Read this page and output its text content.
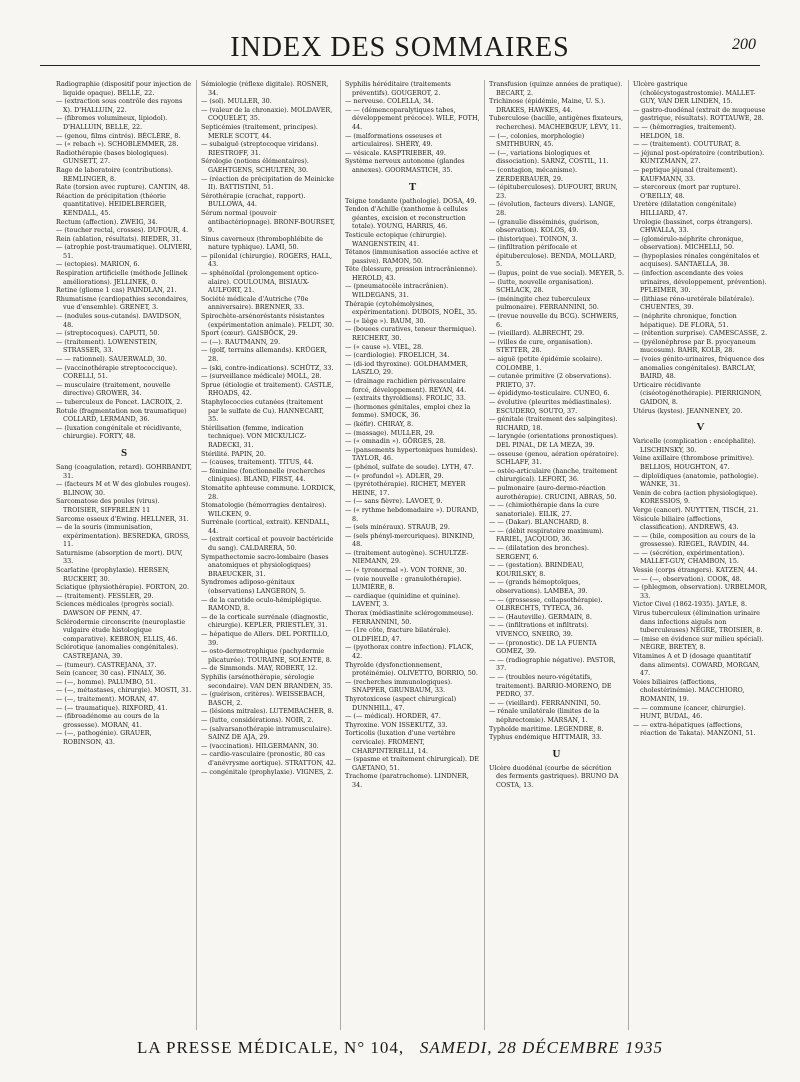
INDEX DES SOMMAIRES	200
Radiographie (dispositif pour injection de liquide opaque). BELLE, 22.
— (extraction sous contrôle des rayons X). D'HALLUIN, 22.
— (fibromes volumineux, lipiodol). D'HALLUIN, BELLE, 22.
— (genou, films cintrés). BÉCLÈRE, 8.
— (« rebach »). SCHOBLEMMER, 28.
Radiothérapie (bases biologiques). GUNSETT, 27.
Rage de laboratoire (contributions). REMLINGER, 8.
Rate (torsion avec rupture). CANTIN, 48.
Réaction de précipitation (théorie quantitative). HEIDELBERGER, KENDALL, 45.
Rectum (affection). ZWEIG, 34.
— (toucher rectal, crosses). DUFOUR, 4.
Rein (ablation, résultats). RIEDER, 31.
— (atrophie post-traumatique). OLIVIERI, 51.
— (ectopies). MARION, 6.
Respiration artificielle (méthode Jellinek améliorations). JELLINEK, 0.
Retine (gliome 1 cas) PAINDLAN, 21.
Rhumatisme (cardiopathies secondaires, vue d'ensemble). GRENET, 3.
— (nodules sous-cutanés). DAVIDSON, 48.
— (streptocoques). CAPUTI, 50.
— (traitement). LOWENSTEIN, STRASSER, 33.
— — rationnel). SAUERWALD, 30.
— (vaccinothérapie streptococcique). CORELLI, 51.
— musculaire (traitement, nouvelle directive) GROWER, 34.
— tuberculeux de Poncet. LACROIX, 2.
Rotule (fragmentation non traumatique) COLLARD, LERMAND, 36.
— (luxation congénitale et récidivante, chirurgie). FORTY, 48.
S
Sang (coagulation, retard). GOHRBANDT, 31.
— (facteurs M et W des globules rouges). BLINOW, 30.
Sarcomatose des poules (virus). TROISIER, SIFFRELEN 11
Sarcome osseux d'Ewing. HELLNER, 31.
— de la souris (immunisation, expérimentation). BESREDKA, GROSS, 11.
Saturnisme (absorption de mort). DUV, 33.
Scarlatine (prophylaxie). HERSEN, RUCKERT, 30.
Sciatique (physiothérapie). FORTON, 20.
— (traitement). FESSLER, 29.
Sciences médicales (progrès social). DAWSON OF PENN, 47.
Sclérodermie circonscrite (neuroplastie vulgaire étude histologique comparative). KEBRON, ELLIS, 46.
Sclérotique (anomalies congénitales). CASTREJANA, 39.
— (tumeur). CASTREJANA, 37.
Sein (cancer, 30 cas). FINALY, 36.
— (—, homme). PALUMBO, 51.
— (—, métastases, chirurgie). MOSTI, 31.
— (—, traitement). MORAN, 47.
— (— traumatique). RIXFORD, 41.
— (fibroadénome au cours de la grossesse). MORAN, 41.
— (—, pathogénie). GRAUER, ROBINSON, 43.
Sémiologie (réflexe digitale). ROSNER, 34.
— (sol). MULLER, 30.
— (valeur de la chronaxie). MOLDAVER, COQUELET, 35.
Septicémies (traitement, principes). MERLE SCOTT, 44.
— subaiguë (streptocoque viridans). RIESTROFF, 31.
Sérologie (notions élémentaires). GAEHTGENS, SCHULTEN, 30.
— (réaction de précipitation de Meinicke II). BATTISTINI, 51.
Sérothérapie (crachat, rapport). BULLOWA, 44.
Sérum normal (pouvoir antibactériopnage). BRONF-BOURSET, 9.
Sinus caverneux (thrombophlébite de nature typhique). LAMI, 50.
— pilonidal (chirurgie). ROGERS, HALL, 43.
— sphénoïdal (prolongement optico-alaire). COULOUMA, BISIAUX-AULFORT, 21.
Société médicale d'Autriche (70e anniversaire). BRENNER, 33.
Spirochète-arsénoréstants résistantes (expérimentation animale). FELDT, 30.
Sport (cœur). GAISBÖCK, 29.
— (—). RAUTMANN, 29.
— (golf, terrains allemands). KRÜGER, 28.
— (ski, contre-indications). SCHÜTZ, 33.
— (surveillance médicale) MOLL, 28.
Sprue (étiologie et traitement). CASTLE, RHOADS, 42.
Staphylococcies cutanées (traitement par le sulfate de Cu). HANNECART, 35.
Stérilisation (femme, indication technique). VON MICKULICZ-RADECKI, 31.
Stérilité. PAPIN, 20.
— (causes, traitement). TITUS, 44.
— féminine (fonctionnelle (recherches cliniques). BLAND, FIRST, 44.
Stomatite aphteuse commune. LORDICK, 28.
Stomatologie (hémorragies dentaires). WILCKEN, 9.
Surrénale (cortical, extrait). KENDALL, 44.
— (extrait cortical et pouvoir bactéricide du sang). CALDARERA, 50.
Sympathectomie sacro-lombaire (bases anatomiques et physiologiques) BRAEUCKER, 31.
Syndromes adiposo-génitaux (observations) LANGERON, 5.
— de la carotide oculo-hémiplégique. RAMOND, 8.
— de la corticale surrénale (diagnostic, chirurgie). KEPLER, PRIESTLEY, 31.
— hépatique de Allers. DEL PORTILLO, 39.
— osto-dermotrophique (pachydermie plicaturée). TOURAINE, SOLENTE, 8.
— de Simmonds. MAY, ROBERT, 12.
Syphilis (arsénothérapie, sérologie secondaire). VAN DEN BRANDEN, 35.
— (guérison, critères). WEISSEBACH, BASCH, 2.
— (lésions mitrales). LUTEMBACHER, 8.
— (lutte, considérations). NOIR, 2.
— (salvarsanothérapie intramusculaire). SAINZ DE AJA, 29.
— (vaccination). HILGERMANN, 30.
— cardio-vasculaire (pronostic, 80 cas d'anévrysme aortique). STRATTON, 42.
— congénitale (prophylaxie). VIGNES, 2.
Syphilis héréditaire (traitements préventifs). GOUGEROT, 2.
— nerveuse. COLELLA, 34.
— — (démencoparalytiques tabes, développement précoce). WILE, FOTH, 44.
— (malformations osseuses et articulaires). SHÉRY, 49.
— vésicale. KASPTRIEBER, 49.
Système nerveux autonome (glandes annexes). GOORMASTICH, 35.
T
Teigne tondante (pathologie). DOSA, 49.
Tendon d'Achille (xanthome à cellules géantes, excision et reconstruction totale). YOUNG, HARRIS, 46.
Testicule ectopique (chirurgie). WANGENSTEIN, 41.
Tétanos (immunisation associée active et passive). RAMON, 50.
Tête (blessure, pression intracrânienne). HEROLD, 43.
— (pneumatocèle intracrânien). WILDEGANS, 31.
Thérapie (cytohémolysines, expérimentation). DUBOIS, NOËL, 35.
— (« liège »). BAUM, 30.
— (bouees curatives, teneur thermique). REICHERT, 30.
— (« cause »). VIEL, 28.
— (cardiologie). FROELICH, 34.
— (di-iod thyroxine). GOLDHAMMER, LASZLO, 29.
— (drainage rachidien périvasculaire forcé, développement). REYAN, 44.
— (extraits thyroïdiens). FROLIC, 33.
— (hormones génitales, emploi chez la femme). SMOCK, 36.
— (kéfir). CHIRAY, 8.
— (massage). MULLER, 29.
— (« omnadin »). GÖRGES, 28.
— (pansements hypertoniques humides). TAYLOR, 46.
— (phénol, sulfate de soude). LYTH, 47.
— (« profundol »). ADLER, 29.
— (pyrétothérapie). RICHET, MEYER HEINE, 17.
— (— sans fièvre). LAVOET, 9.
— (« rythme hebdomadaire »). DURAND, 8.
— (sels minéraux). STRAUB, 29.
— (sels phényl-mercuriques). BINKIND, 48.
— (traitement autogène). SCHULTZE-NIEMANN, 29.
— (« tyronormal »). VON TORNE, 30.
— (voie nouvelle : granulothérapie). LUMIÈRE, 8.
— cardiaque (quinidine et quinine). LAVENT, 3.
Thorax (médiastinite sclérogommeuse). FERRANNINI, 50.
— (1re côte, fracture bilatérale). OLDFIELD, 47.
— (pyothorax contre infection). FLACK, 42.
Thyroïde (dysfonctionnement, protéinémie). OLIVETTO, BORRIO, 50.
— (recherches immunologiques). SNAPPER, GRUNBAUM, 33.
Thyrotoxicose (aspect chirurgical) DUNNHILL, 47.
— (— médical). HORDER, 47.
Thyroxine. VON ISSEKUTZ, 33.
Torticolis (luxation d'une vertèbre cervicale). FROMENT, CHARPINTERELLI, 14.
— (spasme et traitement chirurgical). DE GAETANO, 51.
Trachome (paratrachome). LINDNER, 34.
Transfusion (quinze années de pratique). BECART, 2.
Trichinose (épidémie, Maine, U. S.). DRAKES, HAWKES, 44.
Tuberculose (bacille, antigènes fixateurs, recherches). MACHEBŒUF, LÉVY, 11.
— (—, colonies, morphologie) SMITHBURN, 45.
— (—, variations biologiques et dissociation). SARNZ, COSTIL, 11.
— (contagion, mécanisme). ZERDERBAUER, 29.
— (épituberculoses). DUFOURT, BRUN, 23.
— (évolution, facteurs divers). LANGE, 28.
— (granulie disséminés, guérison, observation). KOLOS, 49.
— (historique). TOINON, 3.
— (infiltration périfocale et épituberculose). BENDA, MOLLARD, 5.
— (lupus, point de vue social). MEYER, 5.
— (lutte, nouvelle organisation). SCHLACK, 28.
— (méningite chez tuberculeux pulmonaire). FERRANNINI, 50.
— (revue nouvelle du BCG). SCHWERS, 6.
— (vieillard). ALBRECHT, 29.
— (villes de cure, organisation). STETTER, 28.
— aiguë (petite épidémie scolaire). COLOMBE, 1.
— cutanée primitive (2 observations). PRIETO, 37.
— épididymo-testiculaire. CUNEO, 6.
— évolutive (pleurites médiastinales). ESCUDERO, SOUTO, 37.
— génitale (traitement des salpingites). RICHARD, 18.
— laryngée (orientations pronostiques). DEL PINAL, DE LA MEZA, 39.
— osseuse (genou, aération opératoire). SCHLAFF, 31.
— ostéo-articulaire (hanche, traitement chirurgical). LEFORT, 36.
— pulmonaire (auro-dermo-réaction aurothérapie). CRUCINI, ABRAS, 50.
— — (chimiothérapie dans la cure sanatoriale). EILIK, 27.
— — (Dakar). BLANCHARD, 8.
— — (débit respiratoire maximum). FARIEL, JACQUOD, 36.
— — (dilatation des bronches). SERGENT, 6.
— — (gestation). BRINDEAU, KOURILSKY, 8.
— — (grands hémoptoïques, observations). LAMBEA, 39.
— — (grossesse, collapsothérapie). OLBRECHTS, TYTECA, 36.
— — (Hauteville). GERMAIN, 8.
— — (infiltrations et infiltrats). VIVENCO, SNEIRO, 39.
— — (pronostic). DE LA FUENTA GOMEZ, 39.
— — (radiographie négative). PASTOR, 37.
— — (troubles neuro-végétatifs, traitement). BARRIO-MORENO, DE PEDRO, 37.
— — (vieillard). FERRANNINI, 50.
— rénale unilatérale (limites de la néphrectomie). MARSAN, 1.
Typhoïde maritime. LEGENDRE, 8.
Typhus endémique HITTMAIR, 33.
U
Ulcère duodénal (courbe de sécrétion des ferments gastriques). BRUNO DA COSTA, 13.
Ulcère gastrique (cholécystogastrostomie). MALLET-GUY, VAN DER LINDEN, 15.
— gastro-duodénal (extrait de muqueuse gastrique, résultats). ROTTAUWE, 28.
— — (hémorragies, traitement). HELDON, 18.
— — (traitement). COUTURAT, 8.
— jéjunal post-opératoire (contribution). KUNTZMANN, 27.
— peptique jéjunal (traitement). KAUFMANN, 33.
— stercoreux (mort par rupture). O'REILLY, 48.
Uretère (dilatation congénitale) HILLIARD, 47.
Urologie (bassinet, corps étrangers). CHWALLA, 33.
— (glomérulo-néphrite chronique, observation). MICHELLI, 50.
— (hypoplasies rénales congénitales et acquises). SANTAELLA, 38.
— (infection ascendante des voies urinaires, développement, prévention). PFLEIMER, 30.
— (lithiase réno-uretérale bilatérale). CHUENTES, 39.
— (néphrite chronique, fonction hépatique). DE FLORA, 51.
— (rétention surprise). CAMESCASSE, 2.
— (pyélonéphrose par B. pyocyaneum mucosum). BAHR, KOLB, 28.
— (voies génito-urinaires, fréquence des anomalies congénitales). BARCLAY, BAIRD, 48.
Urticaire récidivante (ciséotogénothérapie). PIERRIGNON, GAIDON, 8.
Utérus (kystes). JEANNENEY, 20.
V
Varicelle (complication : encéphalite). LISCHINSKY, 30.
Veine axillaire (thrombose primitive). BELLIOS, HOUGHTON, 47.
— diploïdiques (anatomie, pathologie). WANKE, 31.
Venin de cobra (action physiologique). KORESSIOS, 9.
Verge (cancer). NUYTTEN, TISCH, 21.
Vésicule biliaire (affections, classification). ANDREWS, 43.
— — (bile, composition au cours de la grossesse). RIEGEL, RAVDIN, 44.
— — (sécrétion, expérimentation). MALLET-GUY, CHAMBON, 15.
Vessie (corps étrangers). KATZEN, 44.
— — (—, observation). COOK, 48.
— (phlegmon, observation). URBELMOR, 33.
Victor Civel (1862-1935). JAYLE, 8.
Virus tuberculeux (élimination urinaire dans infections aiguës non tuberculeuses) NÈGRE, TROISIER, 8.
— (mise en évidence sur milieu spécial). NÈGRE, BRETEY, 8.
Vitamines A et D (dosage quantitatif dans aliments). COWARD, MORGAN, 47.
Voies biliaires (affections, cholestérinémie). MACCHIORO, ROMANIN, 19.
— — commune (cancer, chirurgie). HUNT, BUDAL, 46.
— — extra-hépatiques (affections, réaction de Takata). MANZONI, 51.
LA PRESSE MÉDICALE, N° 104, SAMEDI, 28 DÉCEMBRE 1935
